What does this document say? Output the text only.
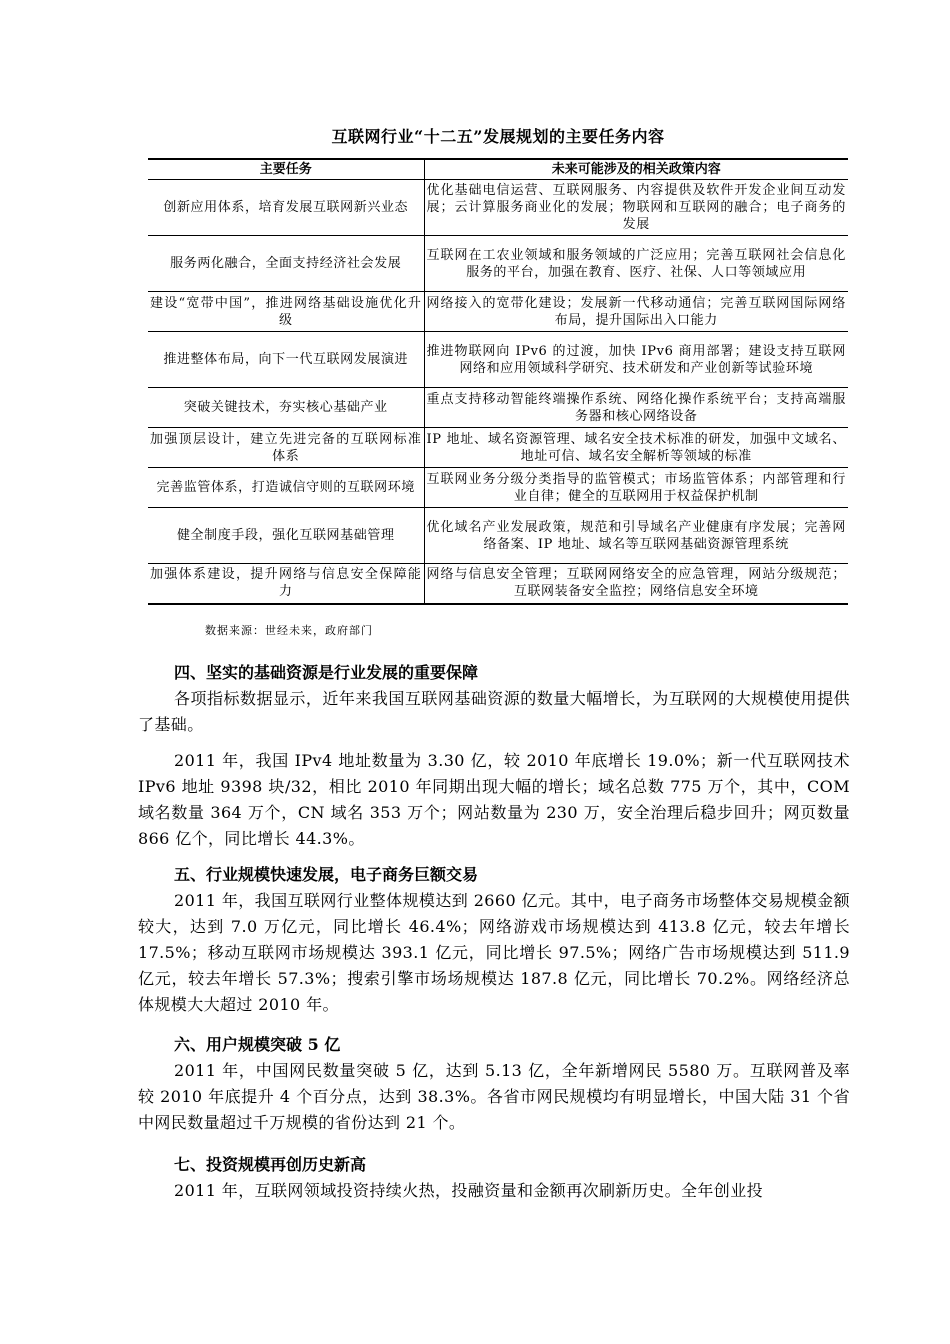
互联网行业“十二五”发展规划的主要任务内容
主要任务	未来可能涉及的相关政策内容
创新应用体系，培育发展互联网新兴业态	优化基础电信运营、互联网服务、内容提供及软件开发企业间互动发展；云计算服务商业化的发展；物联网和互联网的融合；电子商务的发展
服务两化融合，全面支持经济社会发展	互联网在工农业领域和服务领域的广泛应用；完善互联网社会信息化服务的平台，加强在教育、医疗、社保、人口等领域应用
建设“宽带中国”，推进网络基础设施优化升级	网络接入的宽带化建设；发展新一代移动通信；完善互联网国际网络布局，提升国际出入口能力
推进整体布局，向下一代互联网发展演进	推进物联网向 IPv6 的过渡，加快 IPv6 商用部署；建设支持互联网网络和应用领域科学研究、技术研发和产业创新等试验环境
突破关键技术，夯实核心基础产业	重点支持移动智能终端操作系统、网络化操作系统平台；支持高端服务器和核心网络设备
加强顶层设计，建立先进完备的互联网标准体系	IP 地址、域名资源管理、域名安全技术标准的研发，加强中文域名、地址可信、域名安全解析等领域的标准
完善监管体系，打造诚信守则的互联网环境	互联网业务分级分类指导的监管模式；市场监管体系；内部管理和行业自律；健全的互联网用于权益保护机制
健全制度手段，强化互联网基础管理	优化域名产业发展政策，规范和引导域名产业健康有序发展；完善网络备案、IP 地址、域名等互联网基础资源管理系统
加强体系建设，提升网络与信息安全保障能力	网络与信息安全管理；互联网网络安全的应急管理，网站分级规范；互联网装备安全监控；网络信息安全环境
数据来源：世经未来，政府部门

四、坚实的基础资源是行业发展的重要保障

各项指标数据显示，近年来我国互联网基础资源的数量大幅增长，为互联网的大规模使用提供了基础。

2011 年，我国 IPv4 地址数量为 3.30 亿，较 2010 年底增长 19.0%；新一代互联网技术 IPv6 地址 9398 块/32，相比 2010 年同期出现大幅的增长；域名总数 775 万个，其中，COM 域名数量 364 万个，CN 域名 353 万个；网站数量为 230 万，安全治理后稳步回升；网页数量 866 亿个，同比增长 44.3%。

五、行业规模快速发展，电子商务巨额交易

2011 年，我国互联网行业整体规模达到 2660 亿元。其中，电子商务市场整体交易规模金额较大，达到 7.0 万亿元，同比增长 46.4%；网络游戏市场规模达到 413.8 亿元，较去年增长 17.5%；移动互联网市场规模达 393.1 亿元，同比增长 97.5%；网络广告市场规模达到 511.9 亿元，较去年增长 57.3%；搜索引擎市场场规模达 187.8 亿元，同比增长 70.2%。网络经济总体规模大大超过 2010 年。

六、用户规模突破 5 亿

2011 年，中国网民数量突破 5 亿，达到 5.13 亿，全年新增网民 5580 万。互联网普及率较 2010 年底提升 4 个百分点，达到 38.3%。各省市网民规模均有明显增长，中国大陆 31 个省中网民数量超过千万规模的省份达到 21 个。

七、投资规模再创历史新高

2011 年，互联网领域投资持续火热，投融资量和金额再次刷新历史。全年创业投
